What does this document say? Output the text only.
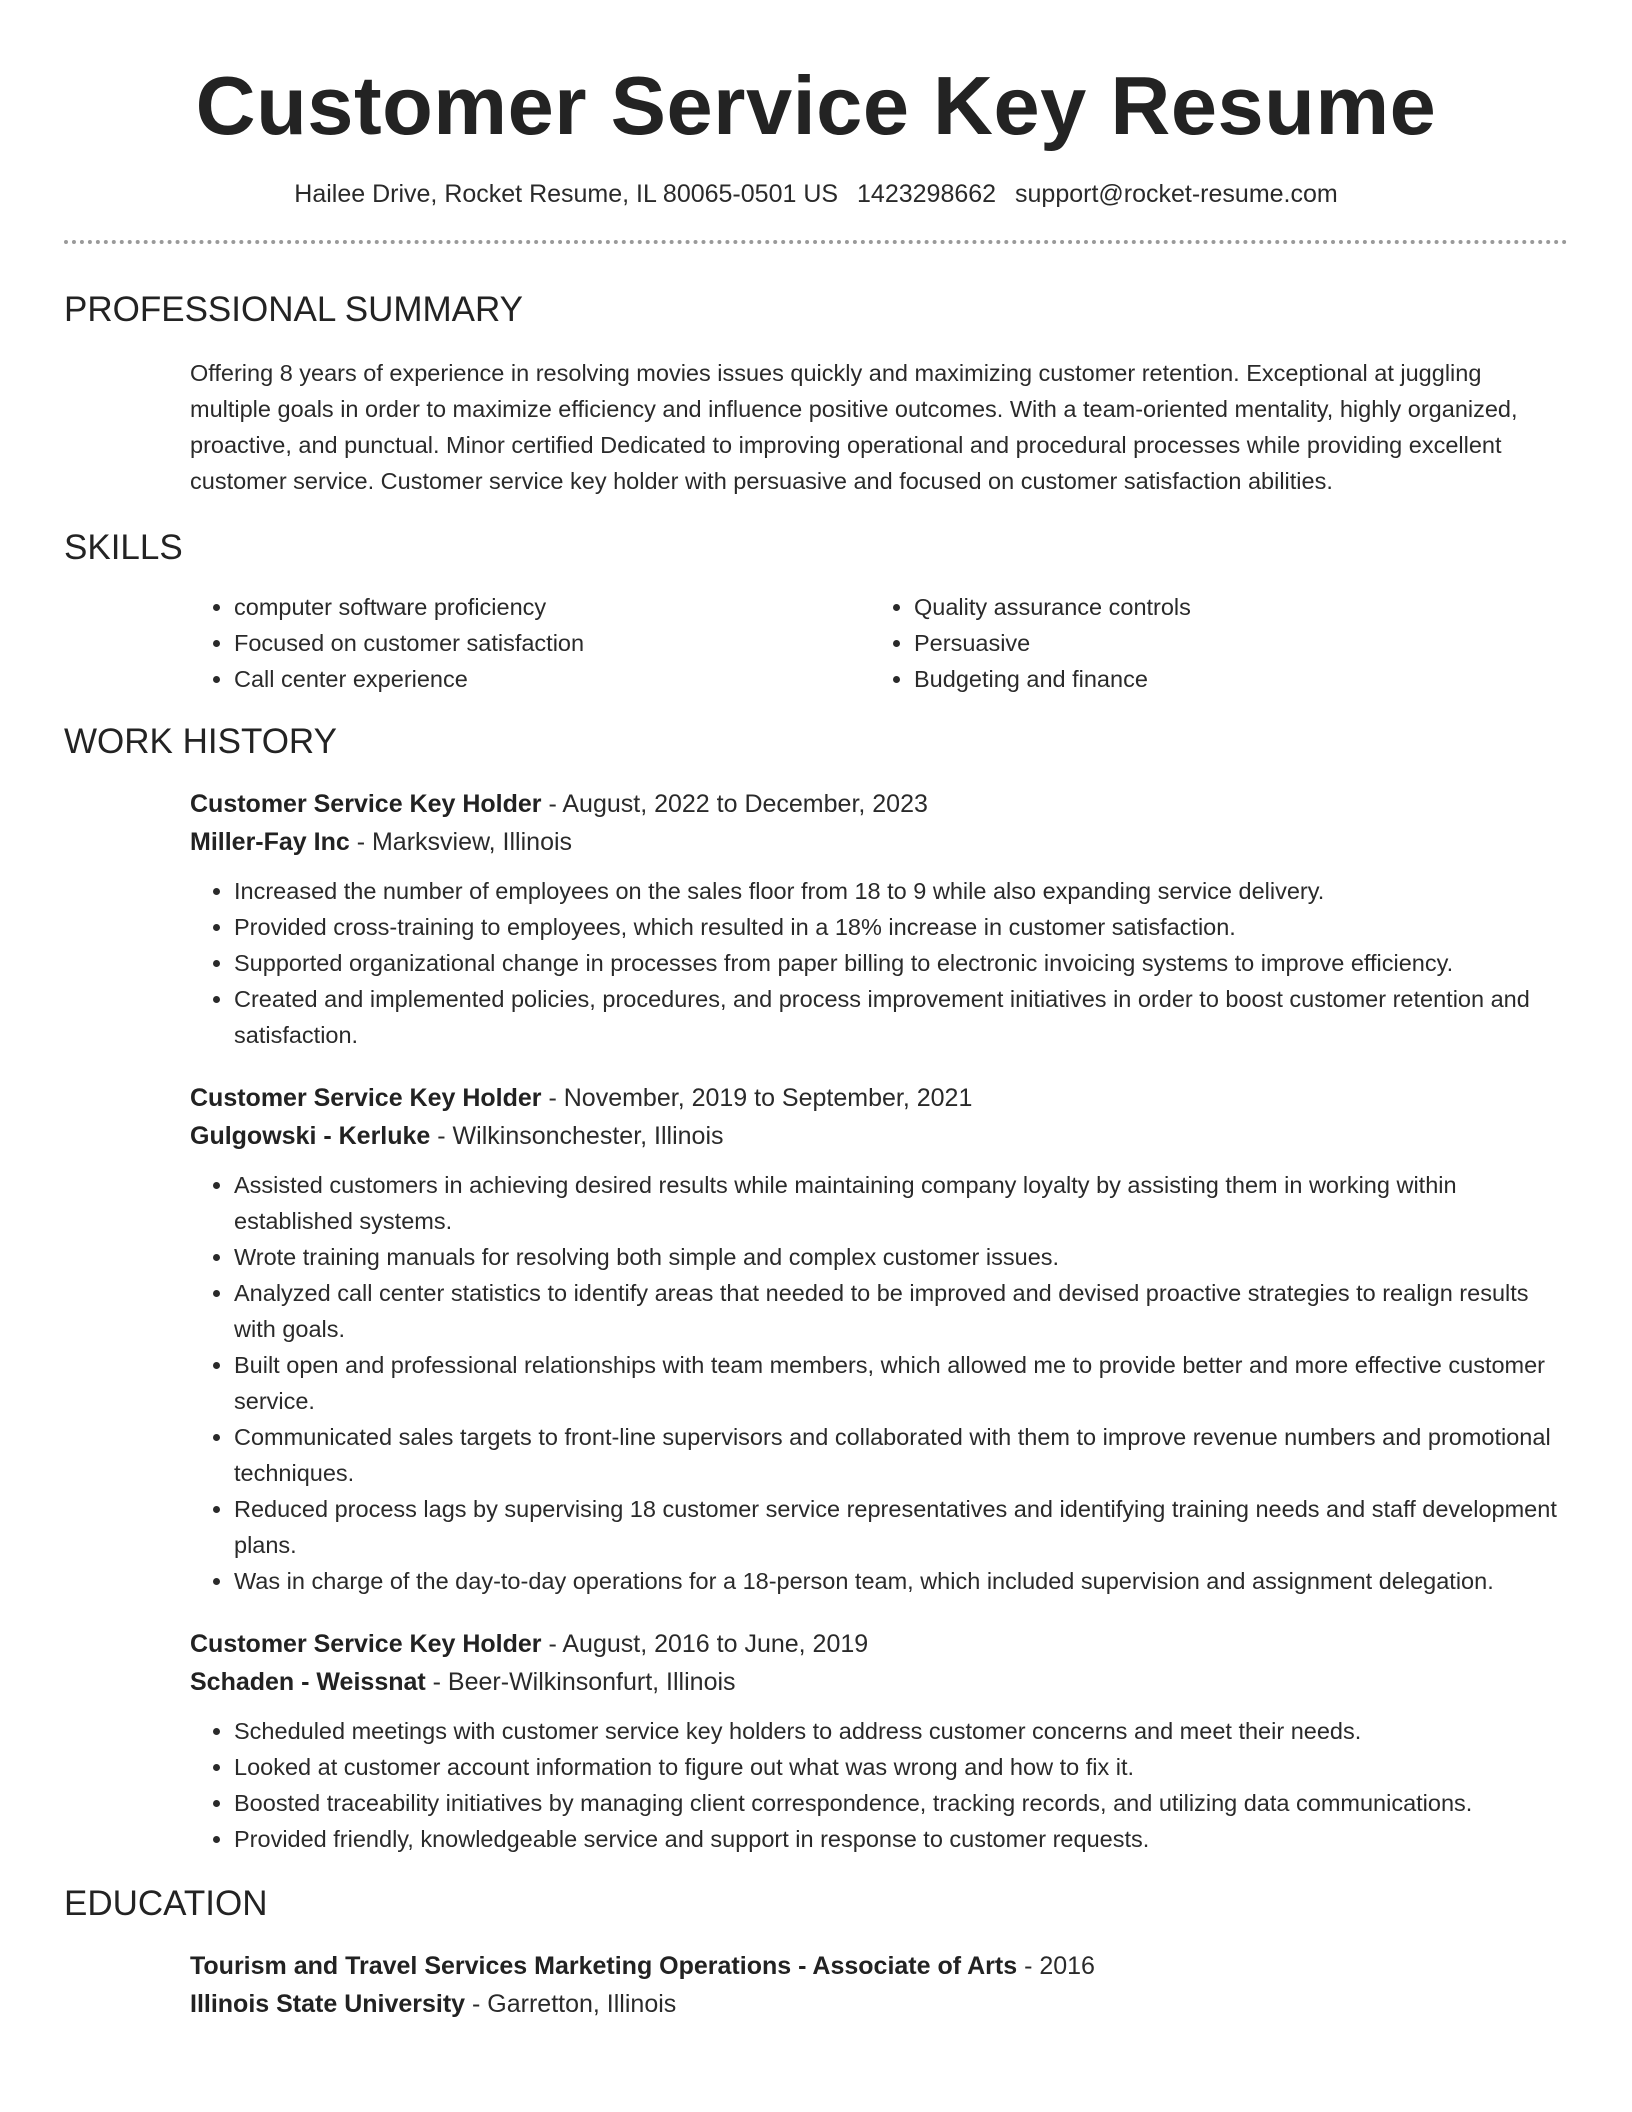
Customer Service Key Resume
Hailee Drive, Rocket Resume, IL 80065-0501 US 1423298662 support@rocket-resume.com
PROFESSIONAL SUMMARY
Offering 8 years of experience in resolving movies issues quickly and maximizing customer retention. Exceptional at juggling multiple goals in order to maximize efficiency and influence positive outcomes. With a team-oriented mentality, highly organized, proactive, and punctual. Minor certified Dedicated to improving operational and procedural processes while providing excellent customer service. Customer service key holder with persuasive and focused on customer satisfaction abilities.
SKILLS
• computer software proficiency
• Focused on customer satisfaction
• Call center experience
• Quality assurance controls
• Persuasive
• Budgeting and finance
WORK HISTORY
Customer Service Key Holder - August, 2022 to December, 2023
Miller-Fay Inc - Marksview, Illinois
• Increased the number of employees on the sales floor from 18 to 9 while also expanding service delivery.
• Provided cross-training to employees, which resulted in a 18% increase in customer satisfaction.
• Supported organizational change in processes from paper billing to electronic invoicing systems to improve efficiency.
• Created and implemented policies, procedures, and process improvement initiatives in order to boost customer retention and satisfaction.
Customer Service Key Holder - November, 2019 to September, 2021
Gulgowski - Kerluke - Wilkinsonchester, Illinois
• Assisted customers in achieving desired results while maintaining company loyalty by assisting them in working within established systems.
• Wrote training manuals for resolving both simple and complex customer issues.
• Analyzed call center statistics to identify areas that needed to be improved and devised proactive strategies to realign results with goals.
• Built open and professional relationships with team members, which allowed me to provide better and more effective customer service.
• Communicated sales targets to front-line supervisors and collaborated with them to improve revenue numbers and promotional techniques.
• Reduced process lags by supervising 18 customer service representatives and identifying training needs and staff development plans.
• Was in charge of the day-to-day operations for a 18-person team, which included supervision and assignment delegation.
Customer Service Key Holder - August, 2016 to June, 2019
Schaden - Weissnat - Beer-Wilkinsonfurt, Illinois
• Scheduled meetings with customer service key holders to address customer concerns and meet their needs.
• Looked at customer account information to figure out what was wrong and how to fix it.
• Boosted traceability initiatives by managing client correspondence, tracking records, and utilizing data communications.
• Provided friendly, knowledgeable service and support in response to customer requests.
EDUCATION
Tourism and Travel Services Marketing Operations - Associate of Arts - 2016
Illinois State University - Garretton, Illinois
